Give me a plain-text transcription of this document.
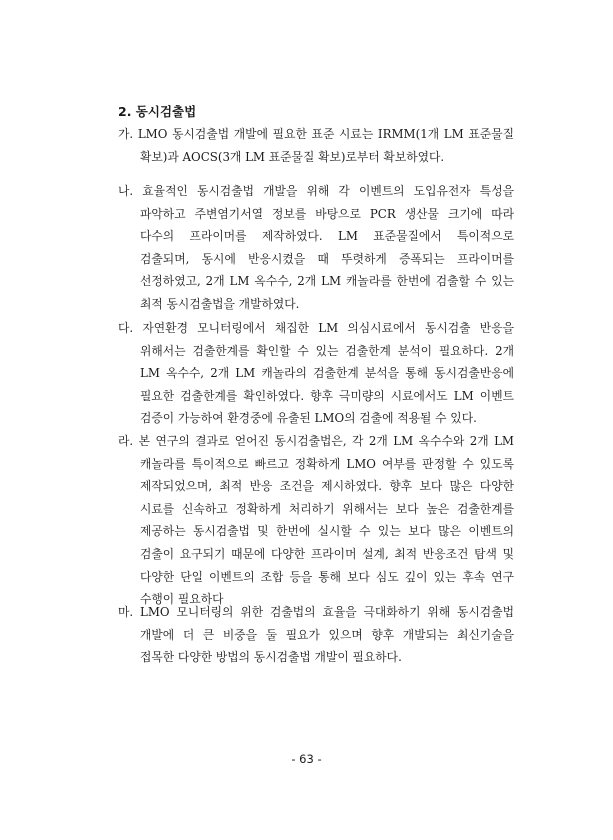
2. 동시검출법
가. LMO 동시검출법 개발에 필요한 표준 시료는 IRMM(1개 LM 표준물질
확보)과 AOCS(3개 LM 표준물질 확보)로부터 확보하였다.
나. 효율적인 동시검출법 개발을 위해 각 이벤트의 도입유전자 특성을
파악하고 주변염기서열 정보를 바탕으로 PCR 생산물 크기에 따라
다수의 프라이머를 제작하였다. LM 표준물질에서 특이적으로
검출되며, 동시에 반응시켰을 때 뚜렷하게 증폭되는 프라이머를
선정하였고, 2개 LM 옥수수, 2개 LM 캐놀라를 한번에 검출할 수 있는
최적 동시검출법을 개발하였다.
다. 자연환경 모니터링에서 채집한 LM 의심시료에서 동시검출 반응을
위해서는 검출한계를 확인할 수 있는 검출한계 분석이 필요하다. 2개
LM 옥수수, 2개 LM 캐놀라의 검출한계 분석을 통해 동시검출반응에
필요한 검출한계를 확인하였다. 향후 극미량의 시료에서도 LM 이벤트
검증이 가능하여 환경중에 유출된 LMO의 검출에 적용될 수 있다.
라. 본 연구의 결과로 얻어진 동시검출법은, 각 2개 LM 옥수수와 2개 LM
캐놀라를 특이적으로 빠르고 정확하게 LMO 여부를 판정할 수 있도록
제작되었으며, 최적 반응 조건을 제시하였다. 향후 보다 많은 다양한
시료를 신속하고 정확하게 처리하기 위해서는 보다 높은 검출한계를
제공하는 동시검출법 및 한번에 실시할 수 있는 보다 많은 이벤트의
검출이 요구되기 때문에 다양한 프라이머 설계, 최적 반응조건 탐색 및
다양한 단일 이벤트의 조합 등을 통해 보다 심도 깊이 있는 후속 연구
수행이 필요하다
마. LMO 모니터링의 위한 검출법의 효율을 극대화하기 위해 동시검출법
개발에 더 큰 비중을 둘 필요가 있으며 향후 개발되는 최신기술을
접목한 다양한 방법의 동시검출법 개발이 필요하다.
- 63 -
